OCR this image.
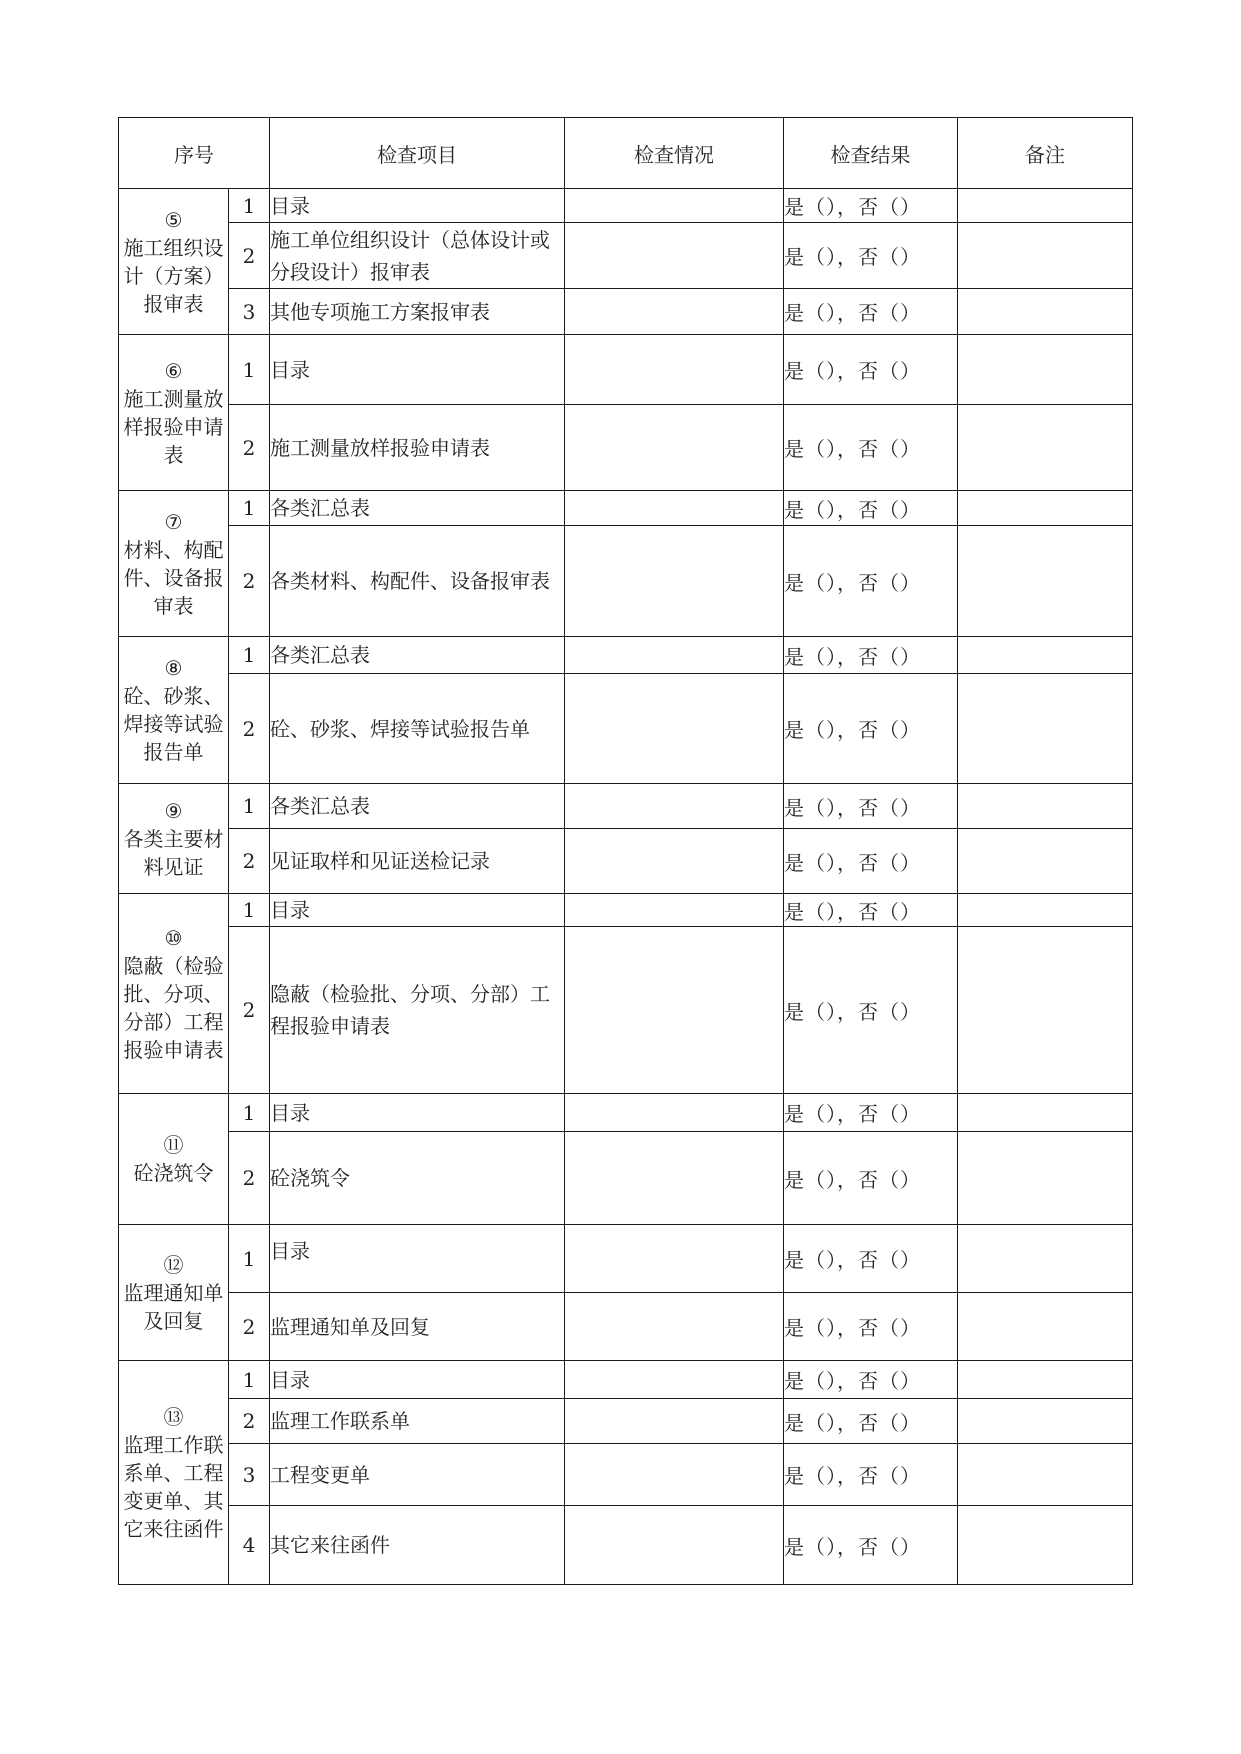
序号		检查项目	检查情况	检查结果	备注

⑤
施工组织设计（方案）报审表	1	目录		是（），否（）	
	2	施工单位组织设计（总体设计或分段设计）报审表		是（），否（）	
	3	其他专项施工方案报审表		是（），否（）	

⑥
施工测量放样报验申请表	1	目录		是（），否（）	
	2	施工测量放样报验申请表		是（），否（）	

⑦
材料、构配件、设备报审表	1	各类汇总表		是（），否（）	
	2	各类材料、构配件、设备报审表		是（），否（）	

⑧
砼、砂浆、焊接等试验报告单	1	各类汇总表		是（），否（）	
	2	砼、砂浆、焊接等试验报告单		是（），否（）	

⑨
各类主要材料见证	1	各类汇总表		是（），否（）	
	2	见证取样和见证送检记录		是（），否（）	

⑩
隐蔽（检验批、分项、分部）工程报验申请表	1	目录		是（），否（）	
	2	隐蔽（检验批、分项、分部）工程报验申请表		是（），否（）	

⑪
砼浇筑令	1	目录		是（），否（）	
	2	砼浇筑令		是（），否（）	

⑫
监理通知单及回复	1	目录		是（），否（）	
	2	监理通知单及回复		是（），否（）	

⑬
监理工作联系单、工程变更单、其它来往函件	1	目录		是（），否（）	
	2	监理工作联系单		是（），否（）	
	3	工程变更单		是（），否（）	
	4	其它来往函件		是（），否（）	
